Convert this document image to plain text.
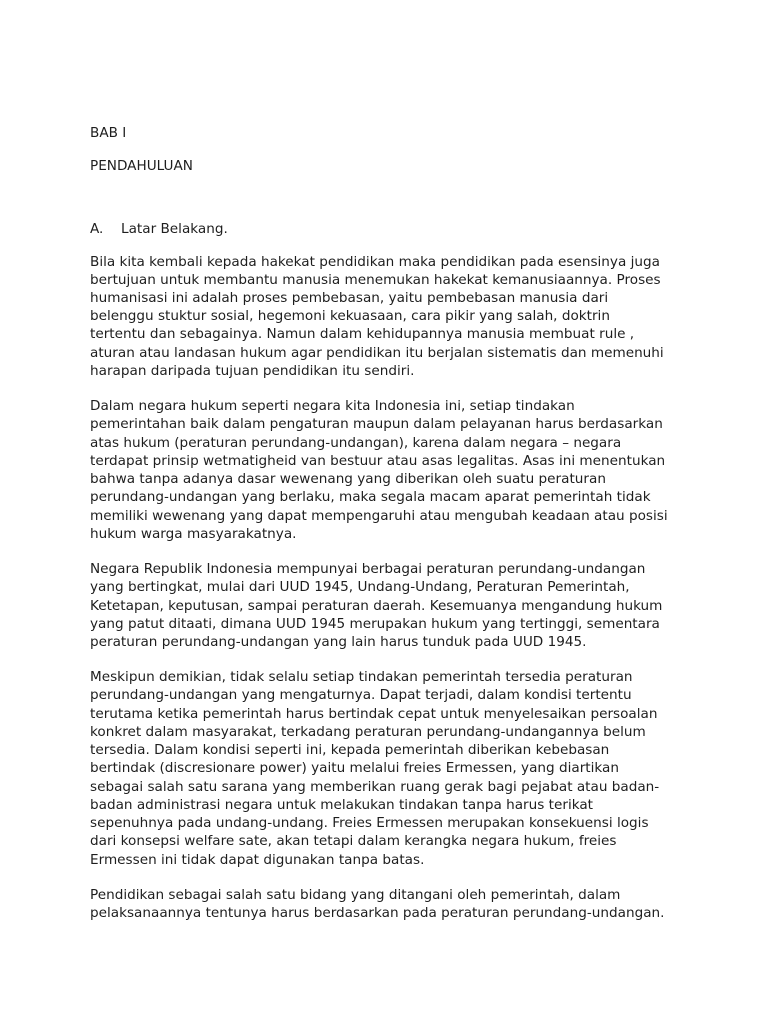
BAB I
PENDAHULUAN
A. Latar Belakang.
Bila kita kembali kepada hakekat pendidikan maka pendidikan pada esensinya juga
bertujuan untuk membantu manusia menemukan hakekat kemanusiaannya. Proses
humanisasi ini adalah proses pembebasan, yaitu pembebasan manusia dari
belenggu stuktur sosial, hegemoni kekuasaan, cara pikir yang salah, doktrin
tertentu dan sebagainya. Namun dalam kehidupannya manusia membuat rule ,
aturan atau landasan hukum agar pendidikan itu berjalan sistematis dan memenuhi
harapan daripada tujuan pendidikan itu sendiri.
Dalam negara hukum seperti negara kita Indonesia ini, setiap tindakan
pemerintahan baik dalam pengaturan maupun dalam pelayanan harus berdasarkan
atas hukum (peraturan perundang-undangan), karena dalam negara – negara
terdapat prinsip wetmatigheid van bestuur atau asas legalitas. Asas ini menentukan
bahwa tanpa adanya dasar wewenang yang diberikan oleh suatu peraturan
perundang-undangan yang berlaku, maka segala macam aparat pemerintah tidak
memiliki wewenang yang dapat mempengaruhi atau mengubah keadaan atau posisi
hukum warga masyarakatnya.
Negara Republik Indonesia mempunyai berbagai peraturan perundang-undangan
yang bertingkat, mulai dari UUD 1945, Undang-Undang, Peraturan Pemerintah,
Ketetapan, keputusan, sampai peraturan daerah. Kesemuanya mengandung hukum
yang patut ditaati, dimana UUD 1945 merupakan hukum yang tertinggi, sementara
peraturan perundang-undangan yang lain harus tunduk pada UUD 1945.
Meskipun demikian, tidak selalu setiap tindakan pemerintah tersedia peraturan
perundang-undangan yang mengaturnya. Dapat terjadi, dalam kondisi tertentu
terutama ketika pemerintah harus bertindak cepat untuk menyelesaikan persoalan
konkret dalam masyarakat, terkadang peraturan perundang-undangannya belum
tersedia. Dalam kondisi seperti ini, kepada pemerintah diberikan kebebasan
bertindak (discresionare power) yaitu melalui freies Ermessen, yang diartikan
sebagai salah satu sarana yang memberikan ruang gerak bagi pejabat atau badan-
badan administrasi negara untuk melakukan tindakan tanpa harus terikat
sepenuhnya pada undang-undang. Freies Ermessen merupakan konsekuensi logis
dari konsepsi welfare sate, akan tetapi dalam kerangka negara hukum, freies
Ermessen ini tidak dapat digunakan tanpa batas.
Pendidikan sebagai salah satu bidang yang ditangani oleh pemerintah, dalam
pelaksanaannya tentunya harus berdasarkan pada peraturan perundang-undangan.
